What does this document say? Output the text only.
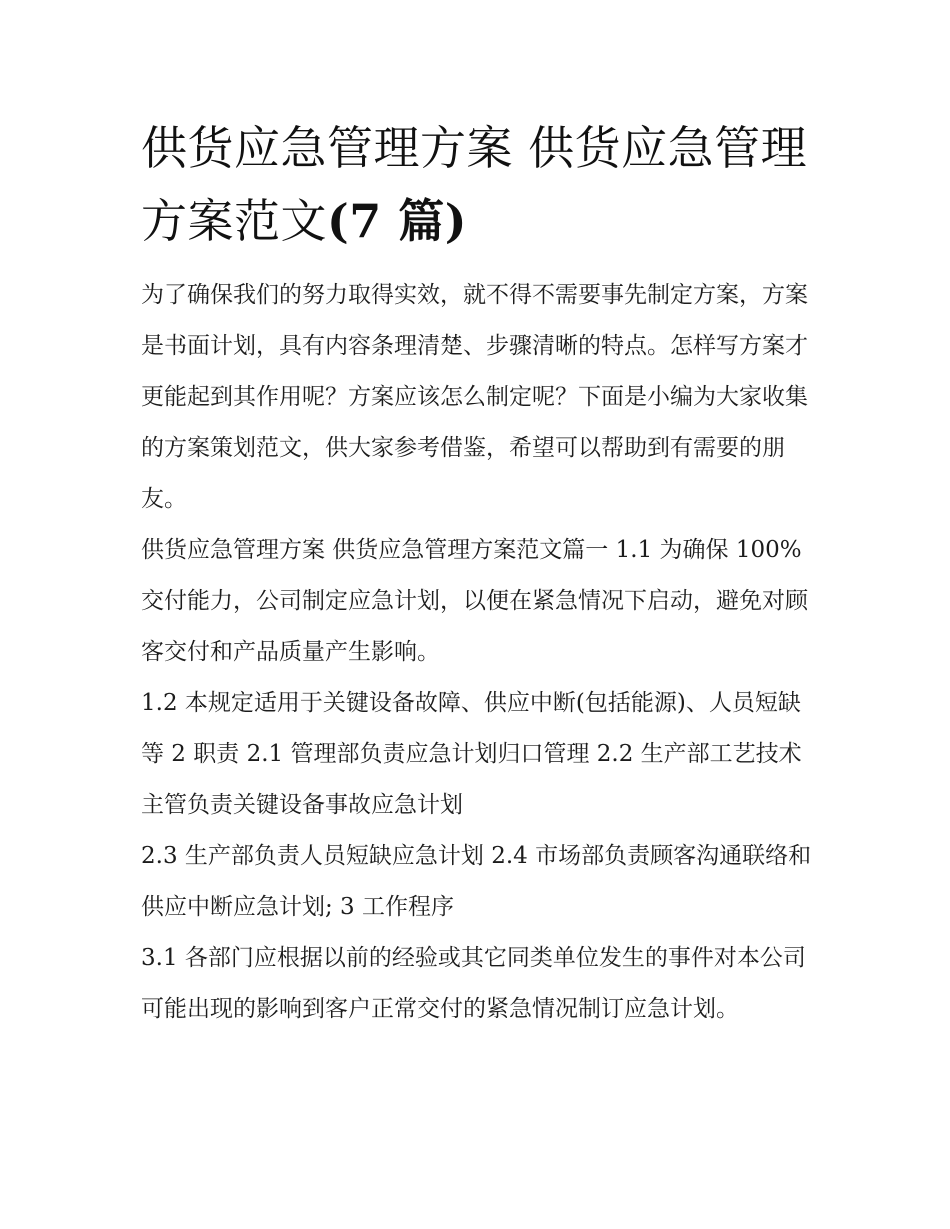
供货应急管理方案 供货应急管理方案范文(7 篇)

为了确保我们的努力取得实效，就不得不需要事先制定方案，方案是书面计划，具有内容条理清楚、步骤清晰的特点。怎样写方案才更能起到其作用呢？方案应该怎么制定呢？下面是小编为大家收集的方案策划范文，供大家参考借鉴，希望可以帮助到有需要的朋友。

供货应急管理方案 供货应急管理方案范文篇一 1.1 为确保 100%交付能力，公司制定应急计划，以便在紧急情况下启动，避免对顾客交付和产品质量产生影响。

1.2 本规定适用于关键设备故障、供应中断(包括能源)、人员短缺等 2 职责 2.1 管理部负责应急计划归口管理 2.2 生产部工艺技术主管负责关键设备事故应急计划

2.3 生产部负责人员短缺应急计划 2.4 市场部负责顾客沟通联络和供应中断应急计划; 3 工作程序

3.1 各部门应根据以前的经验或其它同类单位发生的事件对本公司可能出现的影响到客户正常交付的紧急情况制订应急计划。
